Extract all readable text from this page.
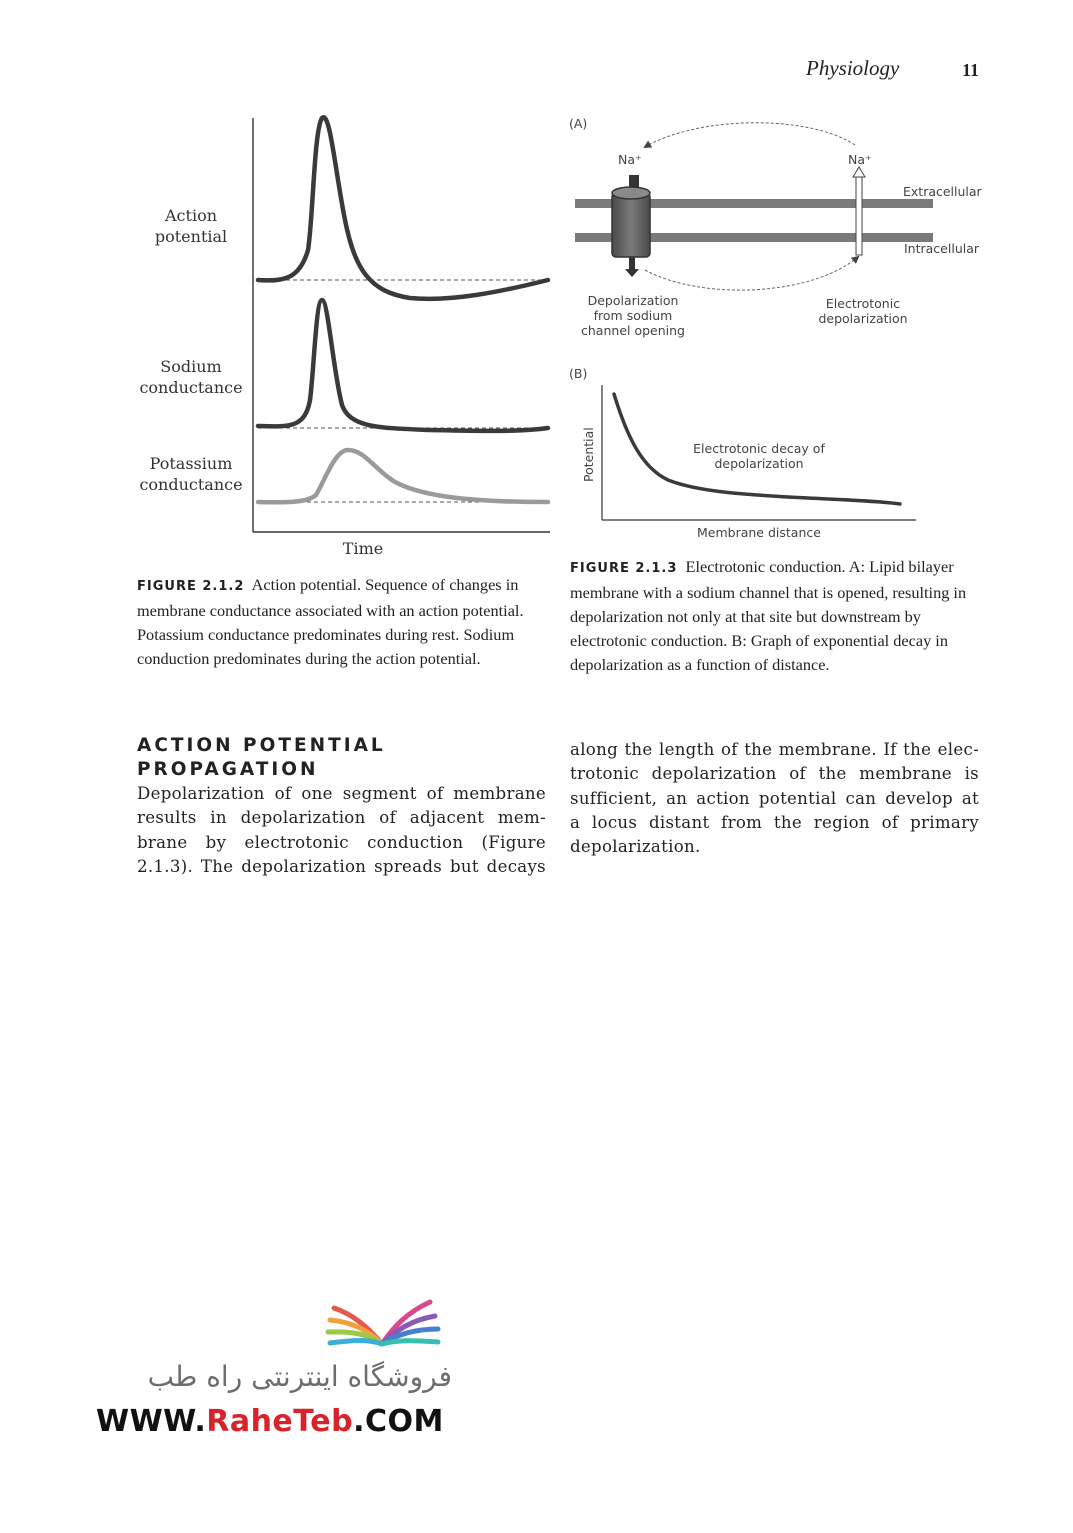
Physiology	11
Action
potential
Sodium
conductance
Potassium
conductance
Time
FIGURE 2.1.2 Action potential. Sequence of changes in membrane conductance associated with an action potential. Potassium conductance predominates during rest. Sodium conduction predominates during the action potential.
(A)
Na⁺	Na⁺
Extracellular
Intracellular
Depolarization
from sodium
channel opening
Electrotonic
depolarization
(B)
Potential	Electrotonic decay of
depolarization
Membrane distance
FIGURE 2.1.3 Electrotonic conduction. A: Lipid bilayer membrane with a sodium channel that is opened, resulting in depolarization not only at that site but downstream by electrotonic conduction. B: Graph of exponential decay in depolarization as a function of distance.
ACTION POTENTIAL
PROPAGATION
Depolarization of one segment of membrane
results in depolarization of adjacent mem-
brane by electrotonic conduction (Figure
2.1.3). The depolarization spreads but decays
along the length of the membrane. If the elec-
trotonic depolarization of the membrane is
sufficient, an action potential can develop at
a locus distant from the region of primary
depolarization.
فروشگاه اینترنتی راه طب
WWW.RaheTeb.COM
